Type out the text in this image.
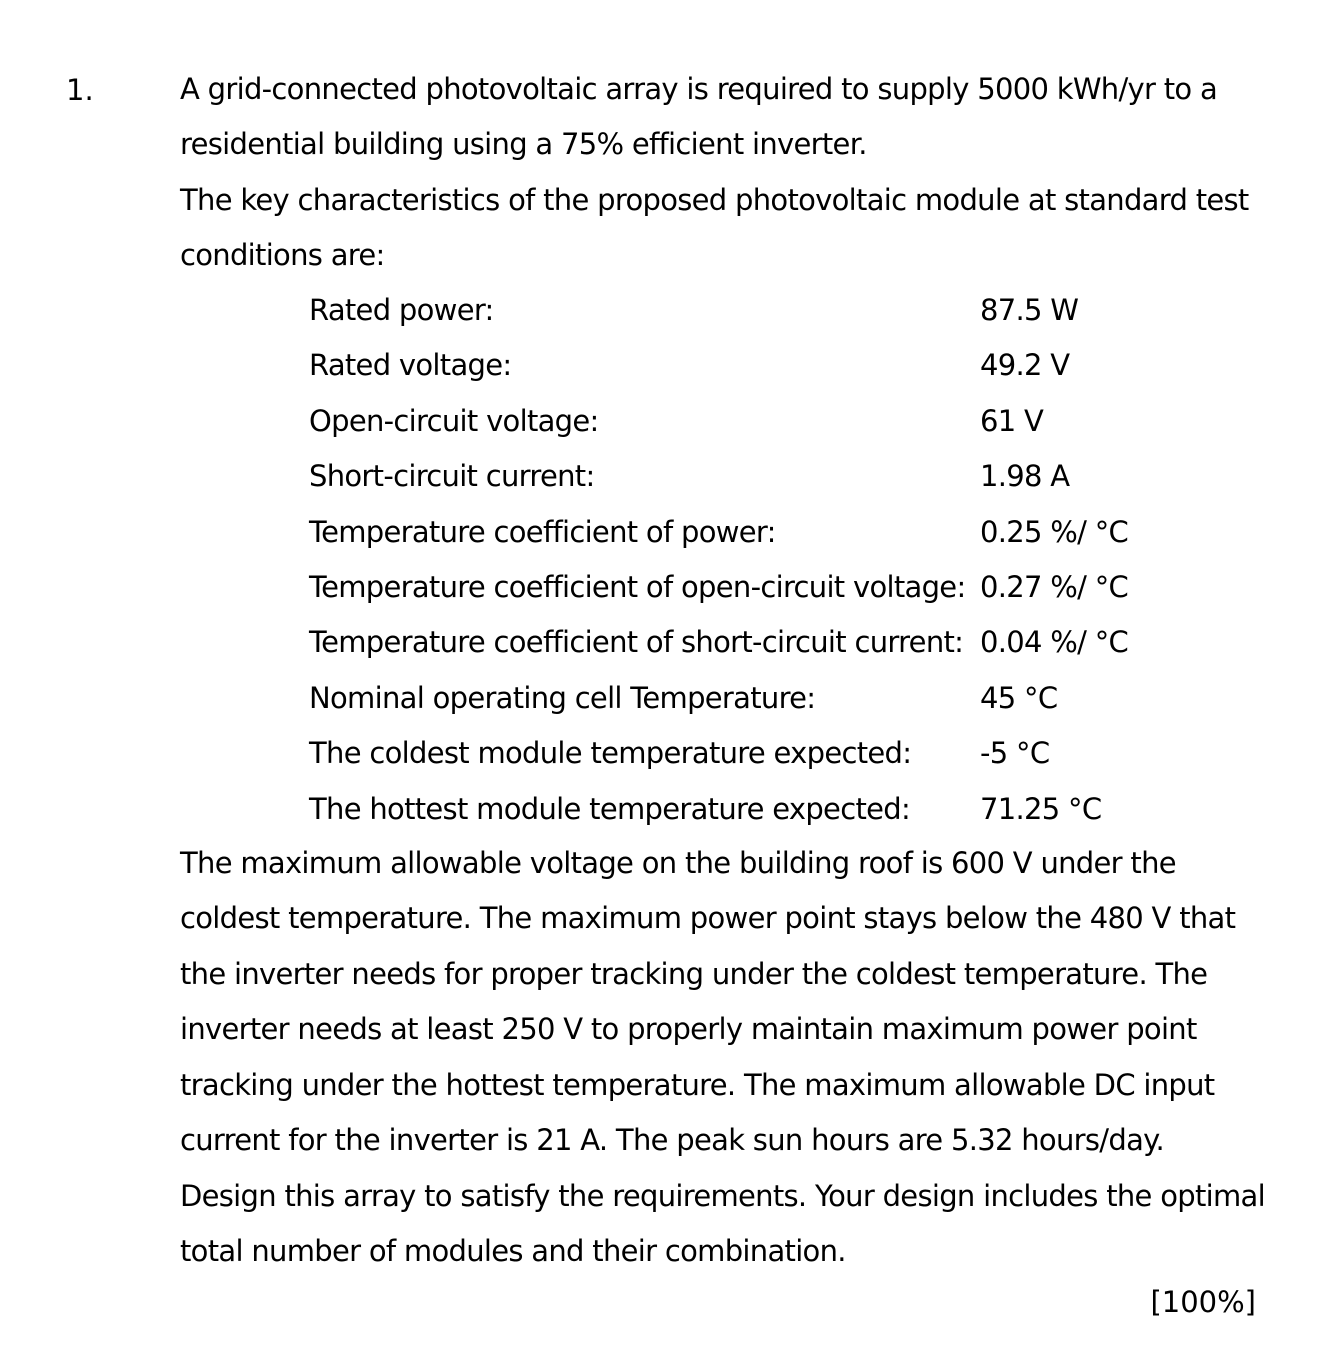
1.	A grid-connected photovoltaic array is required to supply 5000 kWh/yr to a residential building using a 75% efficient inverter.

The key characteristics of the proposed photovoltaic module at standard test conditions are:

Rated power:	87.5 W
Rated voltage:	49.2 V
Open-circuit voltage:	61 V
Short-circuit current:	1.98 A
Temperature coefficient of power:	0.25 %/ °C
Temperature coefficient of open-circuit voltage: 0.27 %/ °C
Temperature coefficient of short-circuit current: 0.04 %/ °C
Nominal operating cell Temperature:	45 °C
The coldest module temperature expected: -5 °C
The hottest module temperature expected: 71.25 °C

The maximum allowable voltage on the building roof is 600 V under the coldest temperature. The maximum power point stays below the 480 V that the inverter needs for proper tracking under the coldest temperature. The inverter needs at least 250 V to properly maintain maximum power point tracking under the hottest temperature. The maximum allowable DC input current for the inverter is 21 A. The peak sun hours are 5.32 hours/day.

Design this array to satisfy the requirements. Your design includes the optimal total number of modules and their combination.

[100%]
